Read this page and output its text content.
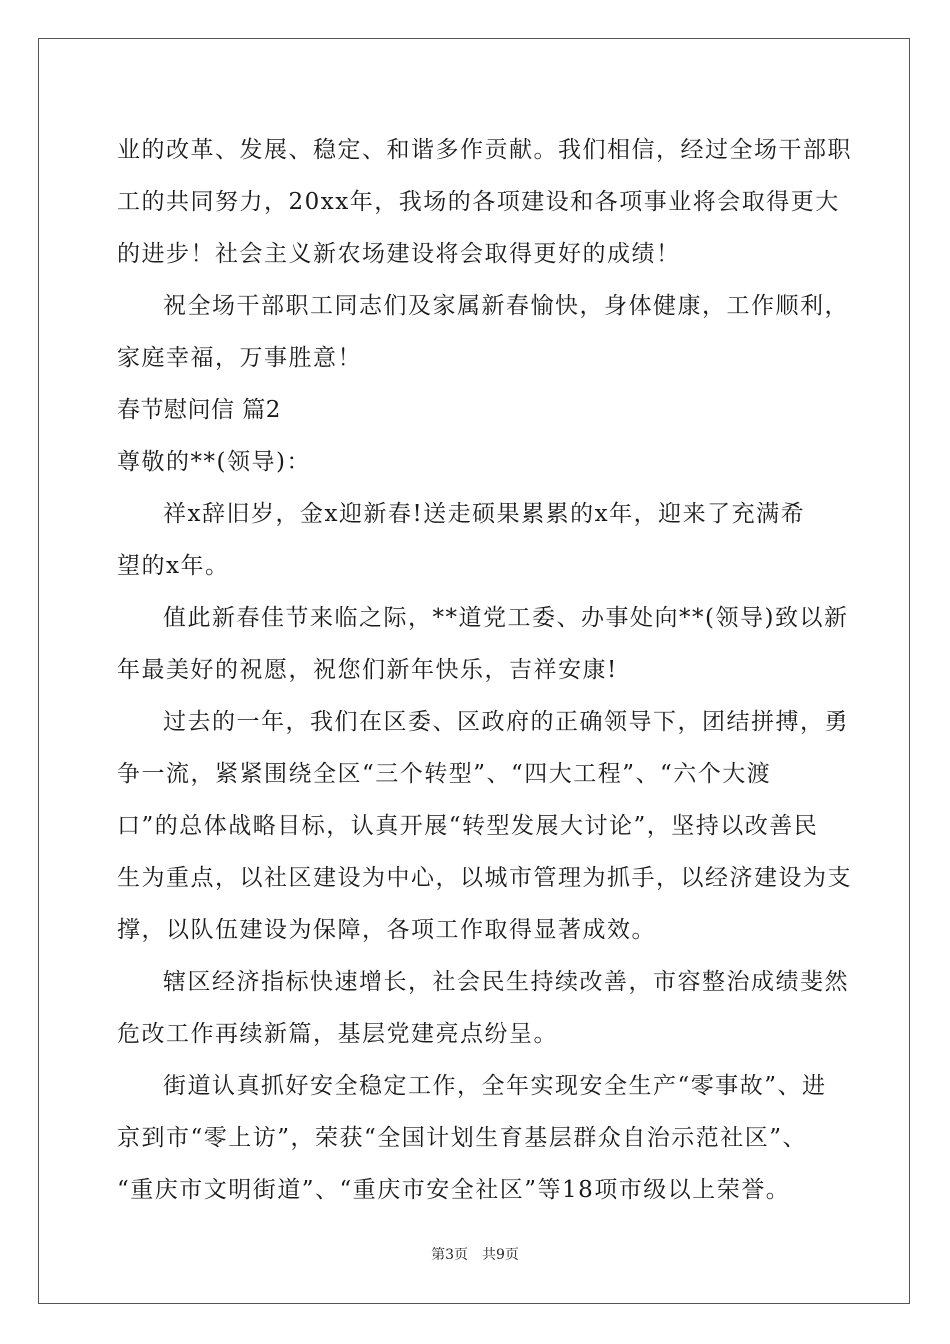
业的改革、发展、稳定、和谐多作贡献。我们相信，经过全场干部职
工的共同努力，20xx年，我场的各项建设和各项事业将会取得更大
的进步！社会主义新农场建设将会取得更好的成绩！
祝全场干部职工同志们及家属新春愉快，身体健康，工作顺利，
家庭幸福，万事胜意！
春节慰问信 篇2
尊敬的**(领导)：
祥x辞旧岁，金x迎新春!送走硕果累累的x年，迎来了充满希
望的x年。
值此新春佳节来临之际，**道党工委、办事处向**(领导)致以新
年最美好的祝愿，祝您们新年快乐，吉祥安康!
过去的一年，我们在区委、区政府的正确领导下，团结拼搏，勇
争一流，紧紧围绕全区“三个转型”、“四大工程”、“六个大渡
口”的总体战略目标，认真开展“转型发展大讨论”，坚持以改善民
生为重点，以社区建设为中心，以城市管理为抓手，以经济建设为支
撑，以队伍建设为保障，各项工作取得显著成效。
辖区经济指标快速增长，社会民生持续改善，市容整治成绩斐然
危改工作再续新篇，基层党建亮点纷呈。
街道认真抓好安全稳定工作，全年实现安全生产“零事故”、进
京到市“零上访”，荣获“全国计划生育基层群众自治示范社区”、
“重庆市文明街道”、“重庆市安全社区”等18项市级以上荣誉。
第3页　共9页
